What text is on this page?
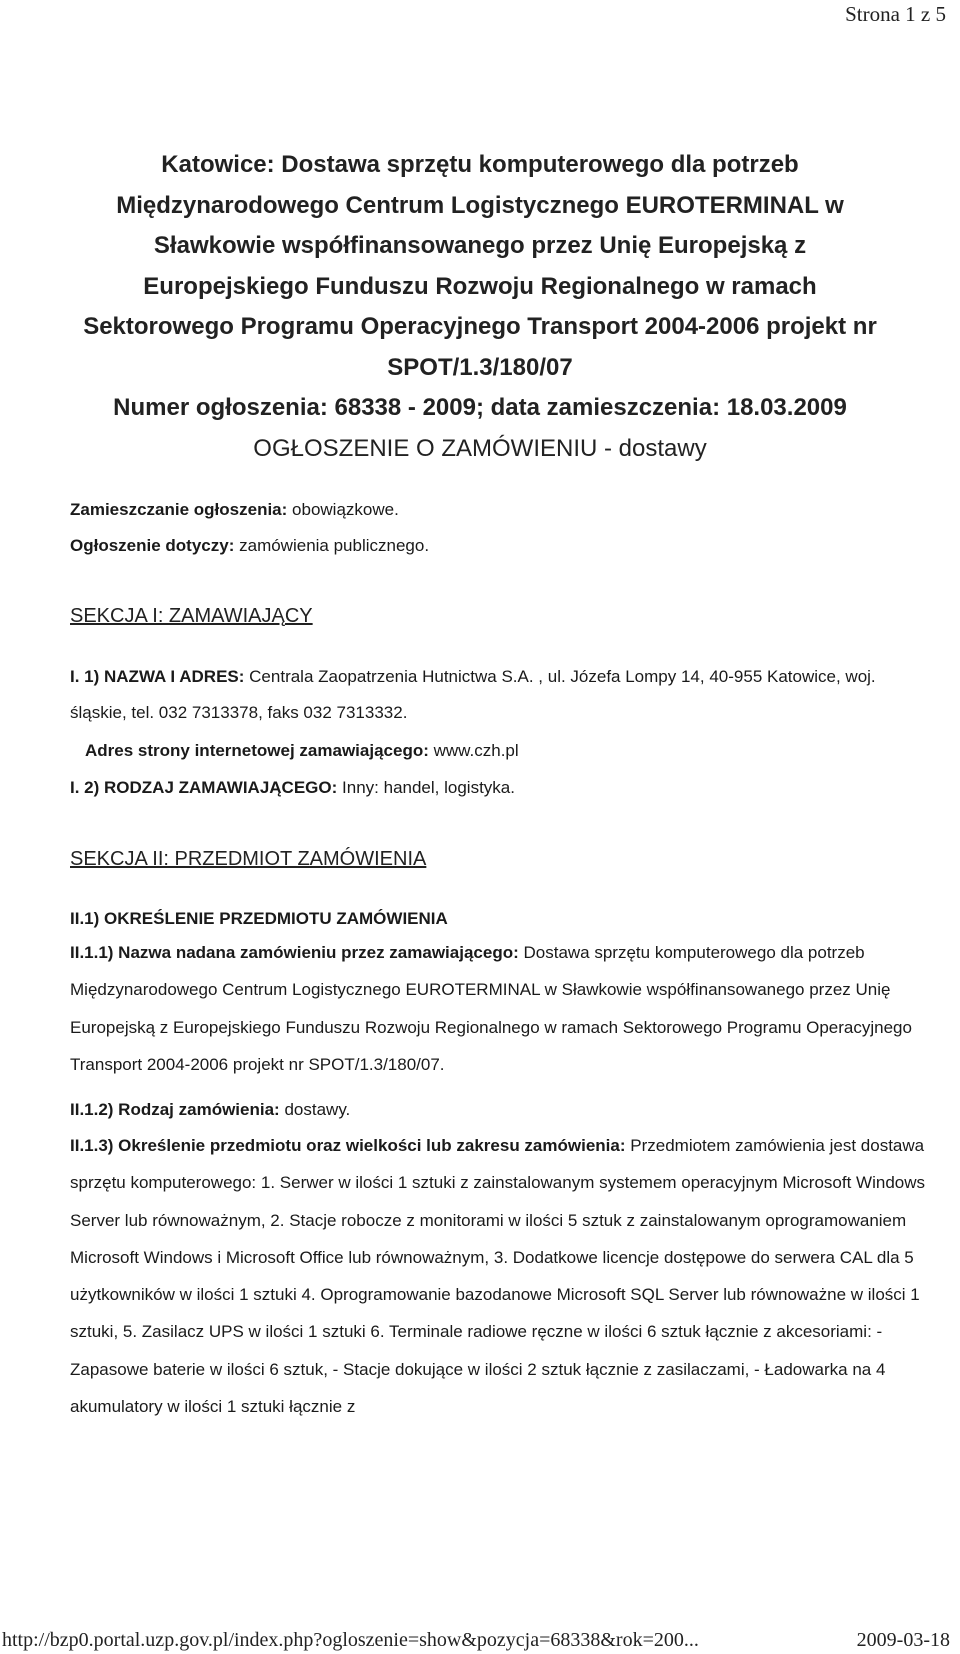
Strona 1 z 5
Katowice: Dostawa sprzętu komputerowego dla potrzeb
Międzynarodowego Centrum Logistycznego EUROTERMINAL w
Sławkowie współfinansowanego przez Unię Europejską z
Europejskiego Funduszu Rozwoju Regionalnego w ramach
Sektorowego Programu Operacyjnego Transport 2004-2006 projekt nr
SPOT/1.3/180/07
Numer ogłoszenia: 68338 - 2009; data zamieszczenia: 18.03.2009
OGŁOSZENIE O ZAMÓWIENIU - dostawy
Zamieszczanie ogłoszenia: obowiązkowe.
Ogłoszenie dotyczy: zamówienia publicznego.
SEKCJA I: ZAMAWIAJĄCY
I. 1) NAZWA I ADRES: Centrala Zaopatrzenia Hutnictwa S.A. , ul. Józefa Lompy 14, 40-955 Katowice, woj.
śląskie, tel. 032 7313378, faks 032 7313332.
Adres strony internetowej zamawiającego: www.czh.pl
I. 2) RODZAJ ZAMAWIAJĄCEGO: Inny: handel, logistyka.
SEKCJA II: PRZEDMIOT ZAMÓWIENIA
II.1) OKREŚLENIE PRZEDMIOTU ZAMÓWIENIA
II.1.1) Nazwa nadana zamówieniu przez zamawiającego: Dostawa sprzętu komputerowego dla potrzeb Międzynarodowego Centrum Logistycznego EUROTERMINAL w Sławkowie współfinansowanego przez Unię Europejską z Europejskiego Funduszu Rozwoju Regionalnego w ramach Sektorowego Programu Operacyjnego Transport 2004-2006 projekt nr SPOT/1.3/180/07.
II.1.2) Rodzaj zamówienia: dostawy.
II.1.3) Określenie przedmiotu oraz wielkości lub zakresu zamówienia: Przedmiotem zamówienia jest dostawa sprzętu komputerowego: 1. Serwer w ilości 1 sztuki z zainstalowanym systemem operacyjnym Microsoft Windows Server lub równoważnym, 2. Stacje robocze z monitorami w ilości 5 sztuk z zainstalowanym oprogramowaniem Microsoft Windows i Microsoft Office lub równoważnym, 3. Dodatkowe licencje dostępowe do serwera CAL dla 5 użytkowników w ilości 1 sztuki 4. Oprogramowanie bazodanowe Microsoft SQL Server lub równoważne w ilości 1 sztuki, 5. Zasilacz UPS w ilości 1 sztuki 6. Terminale radiowe ręczne w ilości 6 sztuk łącznie z akcesoriami: - Zapasowe baterie w ilości 6 sztuk, - Stacje dokujące w ilości 2 sztuk łącznie z zasilaczami, - Ładowarka na 4 akumulatory w ilości 1 sztuki łącznie z
http://bzp0.portal.uzp.gov.pl/index.php?ogloszenie=show&pozycja=68338&rok=200...	2009-03-18
